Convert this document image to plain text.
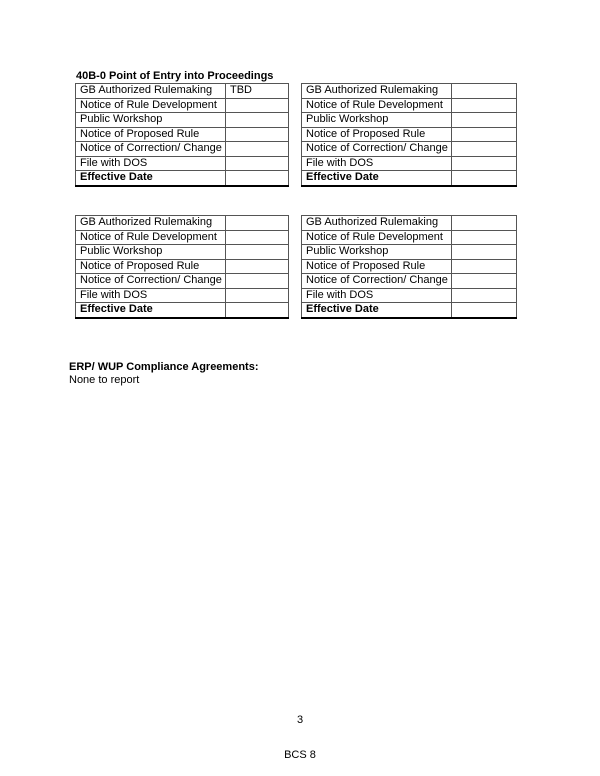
40B-0 Point of Entry into Proceedings

GB Authorized Rulemaking	TBD
Notice of Rule Development	
Public Workshop	
Notice of Proposed Rule	
Notice of Correction/ Change	
File with DOS	
Effective Date	
GB Authorized Rulemaking	
Notice of Rule Development	
Public Workshop	
Notice of Proposed Rule	
Notice of Correction/ Change	
File with DOS	
Effective Date	
GB Authorized Rulemaking	
Notice of Rule Development	
Public Workshop	
Notice of Proposed Rule	
Notice of Correction/ Change	
File with DOS	
Effective Date	
GB Authorized Rulemaking	
Notice of Rule Development	
Public Workshop	
Notice of Proposed Rule	
Notice of Correction/ Change	
File with DOS	
Effective Date	

ERP/ WUP Compliance Agreements:

None to report

3
BCS 8
